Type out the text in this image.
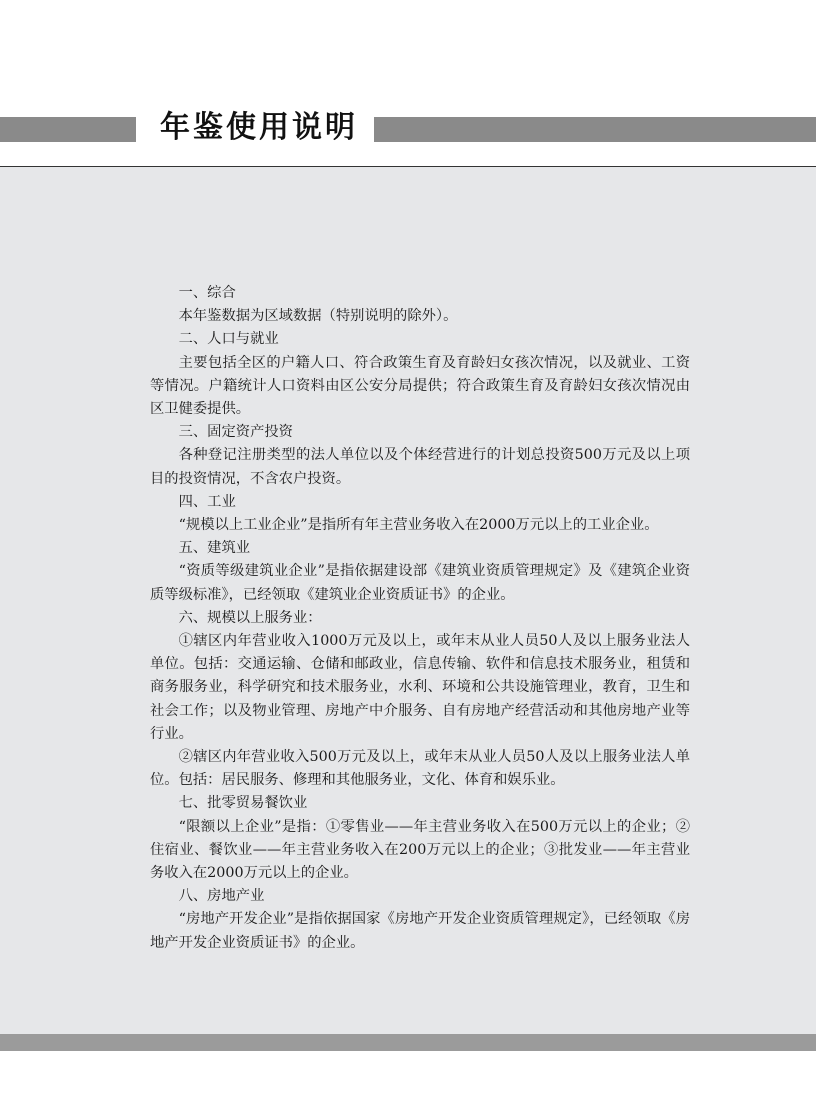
年鉴使用说明

一、综合

本年鉴数据为区域数据（特别说明的除外）。

二、人口与就业

主要包括全区的户籍人口、符合政策生育及育龄妇女孩次情况，以及就业、工资等情况。户籍统计人口资料由区公安分局提供；符合政策生育及育龄妇女孩次情况由区卫健委提供。

三、固定资产投资

各种登记注册类型的法人单位以及个体经营进行的计划总投资500万元及以上项目的投资情况，不含农户投资。

四、工业

“规模以上工业企业”是指所有年主营业务收入在2000万元以上的工业企业。

五、建筑业

“资质等级建筑业企业”是指依据建设部《建筑业资质管理规定》及《建筑企业资质等级标准》，已经领取《建筑业企业资质证书》的企业。

六、规模以上服务业：

①辖区内年营业收入1000万元及以上，或年末从业人员50人及以上服务业法人单位。包括：交通运输、仓储和邮政业，信息传输、软件和信息技术服务业，租赁和商务服务业，科学研究和技术服务业，水利、环境和公共设施管理业，教育，卫生和社会工作；以及物业管理、房地产中介服务、自有房地产经营活动和其他房地产业等行业。

②辖区内年营业收入500万元及以上，或年末从业人员50人及以上服务业法人单位。包括：居民服务、修理和其他服务业，文化、体育和娱乐业。

七、批零贸易餐饮业

“限额以上企业”是指：①零售业——年主营业务收入在500万元以上的企业；②住宿业、餐饮业——年主营业务收入在200万元以上的企业；③批发业——年主营业务收入在2000万元以上的企业。

八、房地产业

“房地产开发企业”是指依据国家《房地产开发企业资质管理规定》，已经领取《房地产开发企业资质证书》的企业。
